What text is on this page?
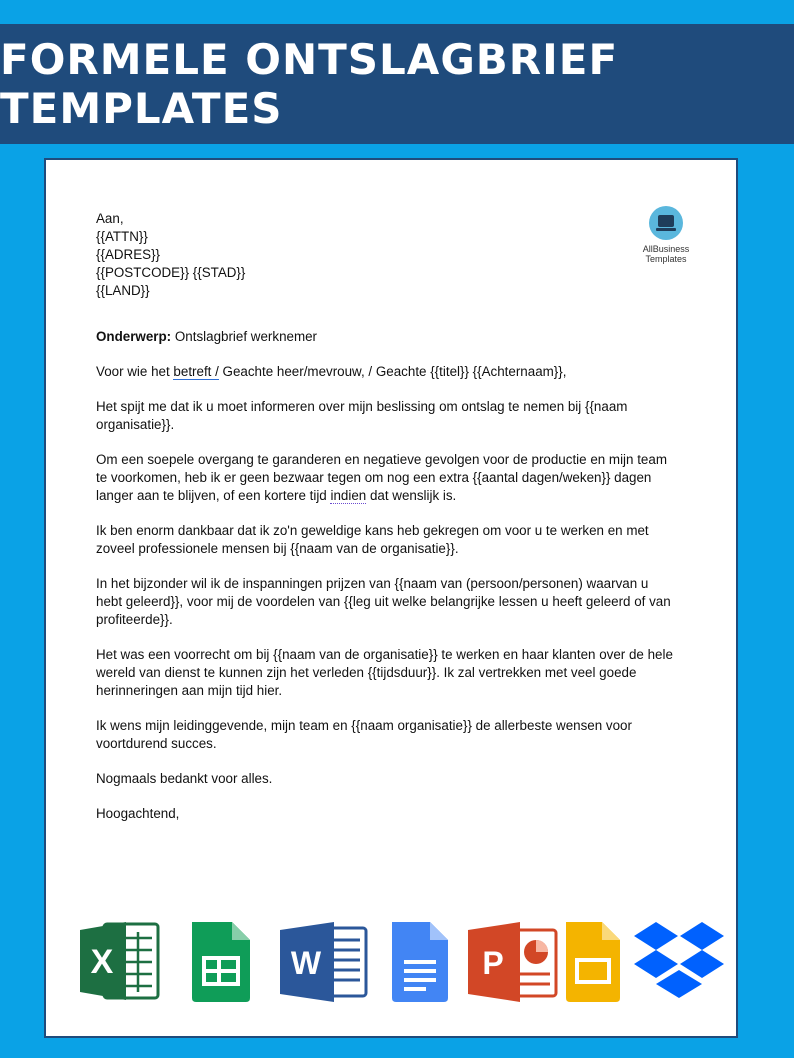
FORMELE ONTSLAGBRIEF TEMPLATES
AllBusiness
Templates

Aan,
{{ATTN}}
{{ADRES}}
{{POSTCODE}} {{STAD}}
{{LAND}}

Onderwerp: Ontslagbrief werknemer

Voor wie het betreft / Geachte heer/mevrouw, / Geachte {{titel}} {{Achternaam}},

Het spijt me dat ik u moet informeren over mijn beslissing om ontslag te nemen bij {{naam organisatie}}.

Om een soepele overgang te garanderen en negatieve gevolgen voor de productie en mijn team te voorkomen, heb ik er geen bezwaar tegen om nog een extra {{aantal dagen/weken}} dagen langer aan te blijven, of een kortere tijd indien dat wenslijk is.

Ik ben enorm dankbaar dat ik zo'n geweldige kans heb gekregen om voor u te werken en met zoveel professionele mensen bij {{naam van de organisatie}}.

In het bijzonder wil ik de inspanningen prijzen van {{naam van (persoon/personen) waarvan u hebt geleerd}}, voor mij de voordelen van {{leg uit welke belangrijke lessen u heeft geleerd of van profiteerde}}.

Het was een voorrecht om bij {{naam van de organisatie}} te werken en haar klanten over de hele wereld van dienst te kunnen zijn het verleden {{tijdsduur}}. Ik zal vertrekken met veel goede herinneringen aan mijn tijd hier.

Ik wens mijn leidinggevende, mijn team en {{naam organisatie}} de allerbeste wensen voor voortdurend succes.

Nogmaals bedankt voor alles.

Hoogachtend,

X	W	P
